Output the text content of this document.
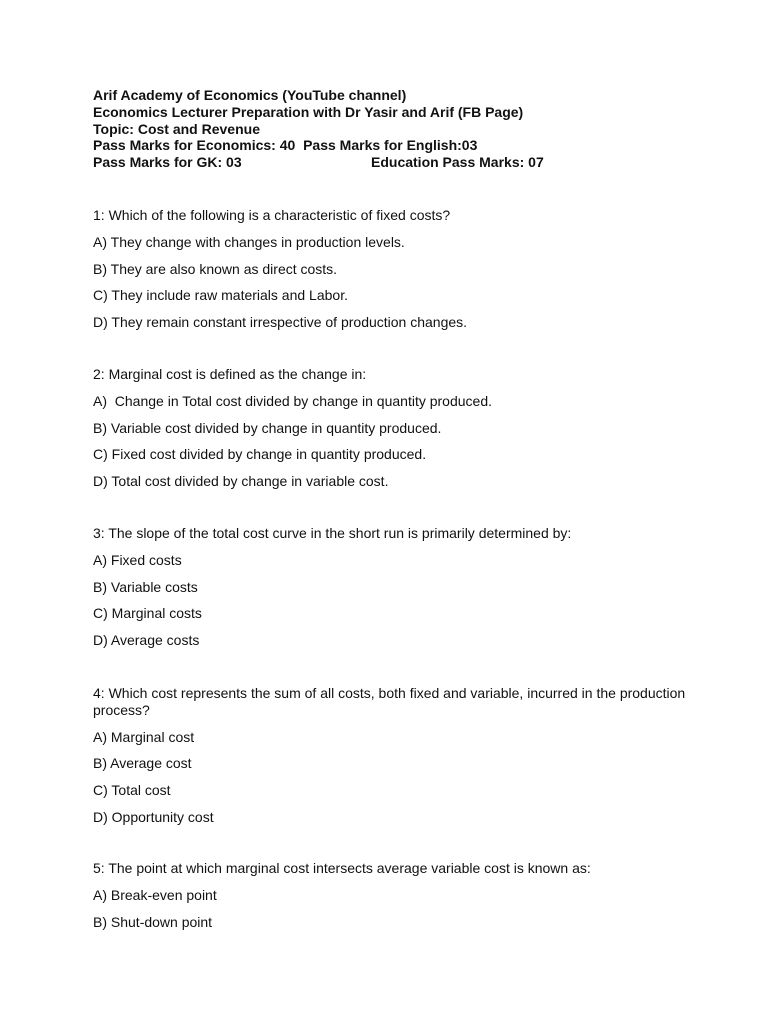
Arif Academy of Economics (YouTube channel)
Economics Lecturer Preparation with Dr Yasir and Arif (FB Page)
Topic: Cost and Revenue
Pass Marks for Economics: 40  Pass Marks for English:03
Pass Marks for GK: 03	Education Pass Marks: 07

1: Which of the following is a characteristic of fixed costs?

A) They change with changes in production levels.

B) They are also known as direct costs.

C) They include raw materials and Labor.

D) They remain constant irrespective of production changes.

2: Marginal cost is defined as the change in:

A)  Change in Total cost divided by change in quantity produced.

B) Variable cost divided by change in quantity produced.

C) Fixed cost divided by change in quantity produced.

D) Total cost divided by change in variable cost.

3: The slope of the total cost curve in the short run is primarily determined by:

A) Fixed costs

B) Variable costs

C) Marginal costs

D) Average costs

4: Which cost represents the sum of all costs, both fixed and variable, incurred in the production process?

A) Marginal cost

B) Average cost

C) Total cost

D) Opportunity cost

5: The point at which marginal cost intersects average variable cost is known as:

A) Break-even point

B) Shut-down point
